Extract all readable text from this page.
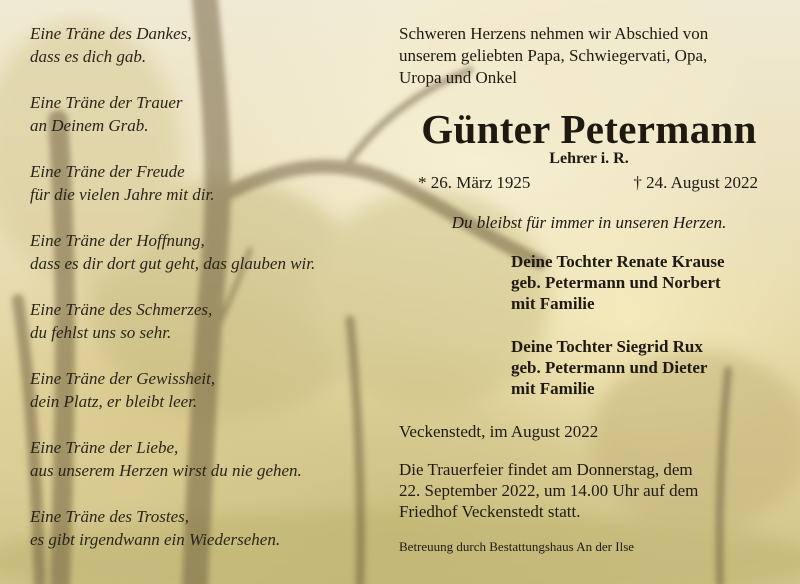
Eine Träne des Dankes,
dass es dich gab.
Eine Träne der Trauer
an Deinem Grab.
Eine Träne der Freude
für die vielen Jahre mit dir.
Eine Träne der Hoffnung,
dass es dir dort gut geht, das glauben wir.
Eine Träne des Schmerzes,
du fehlst uns so sehr.
Eine Träne der Gewissheit,
dein Platz, er bleibt leer.
Eine Träne der Liebe,
aus unserem Herzen wirst du nie gehen.
Eine Träne des Trostes,
es gibt irgendwann ein Wiedersehen.
Schweren Herzens nehmen wir Abschied von
unserem geliebten Papa, Schwiegervati, Opa,
Uropa und Onkel
Günter Petermann
Lehrer i. R.
* 26. März 1925	† 24. August 2022
Du bleibst für immer in unseren Herzen.
Deine Tochter Renate Krause
geb. Petermann und Norbert
mit Familie
Deine Tochter Siegrid Rux
geb. Petermann und Dieter
mit Familie
Veckenstedt, im August 2022
Die Trauerfeier findet am Donnerstag, dem
22. September 2022, um 14.00 Uhr auf dem
Friedhof Veckenstedt statt.
Betreuung durch Bestattungshaus An der Ilse
